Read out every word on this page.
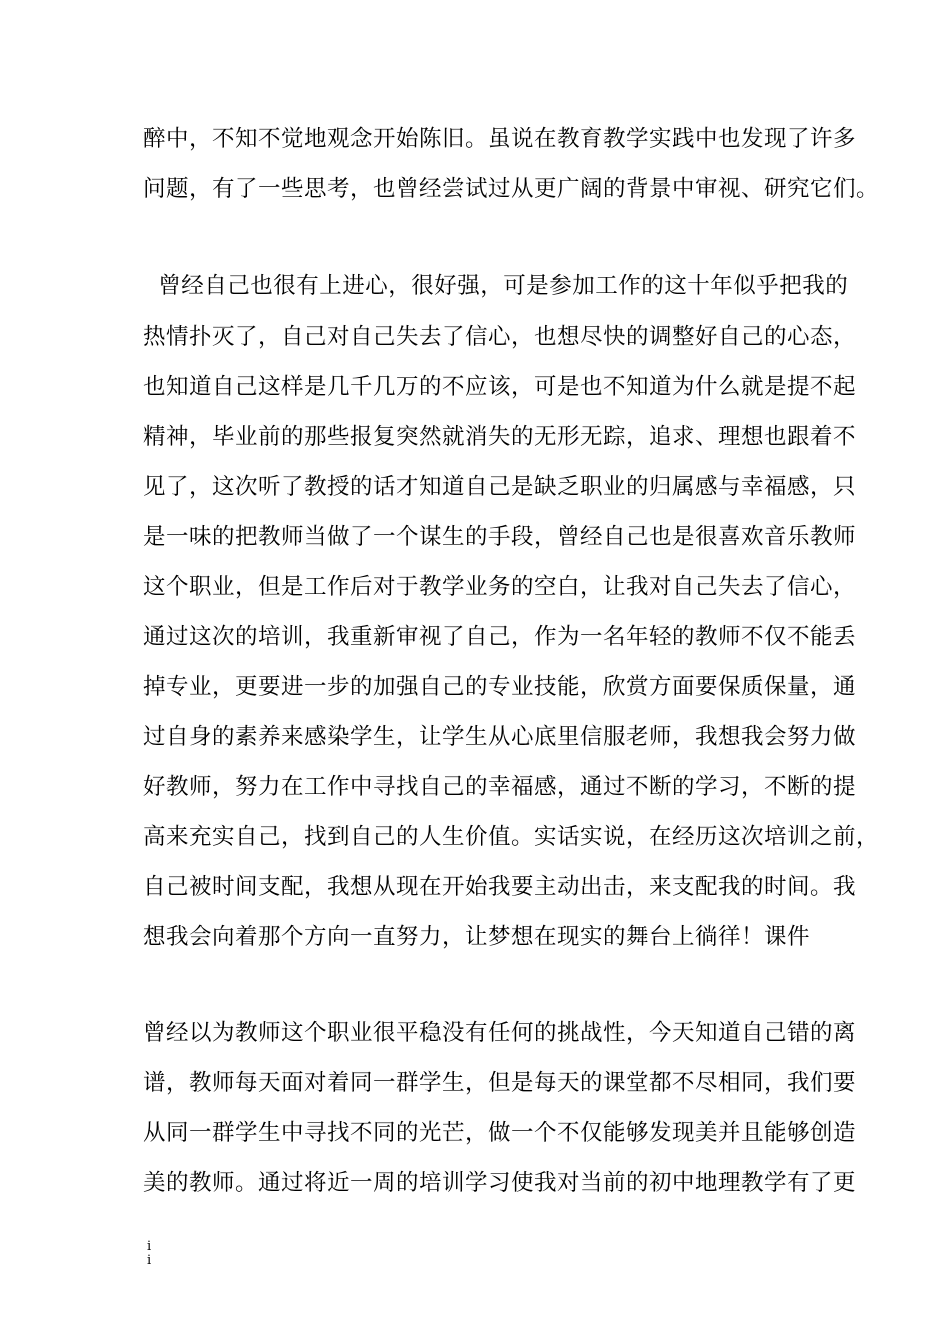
醉中，不知不觉地观念开始陈旧。虽说在教育教学实践中也发现了许多
问题，有了一些思考，也曾经尝试过从更广阔的背景中审视、研究它们。
曾经自己也很有上进心，很好强，可是参加工作的这十年似乎把我的
热情扑灭了，自己对自己失去了信心，也想尽快的调整好自己的心态，
也知道自己这样是几千几万的不应该，可是也不知道为什么就是提不起
精神，毕业前的那些报复突然就消失的无形无踪，追求、理想也跟着不
见了，这次听了教授的话才知道自己是缺乏职业的归属感与幸福感，只
是一味的把教师当做了一个谋生的手段，曾经自己也是很喜欢音乐教师
这个职业，但是工作后对于教学业务的空白，让我对自己失去了信心，
通过这次的培训，我重新审视了自己，作为一名年轻的教师不仅不能丢
掉专业，更要进一步的加强自己的专业技能，欣赏方面要保质保量，通
过自身的素养来感染学生，让学生从心底里信服老师，我想我会努力做
好教师，努力在工作中寻找自己的幸福感，通过不断的学习，不断的提
高来充实自己，找到自己的人生价值。实话实说，在经历这次培训之前，
自己被时间支配，我想从现在开始我要主动出击，来支配我的时间。我
想我会向着那个方向一直努力，让梦想在现实的舞台上徜徉！课件
曾经以为教师这个职业很平稳没有任何的挑战性，今天知道自己错的离
谱，教师每天面对着同一群学生，但是每天的课堂都不尽相同，我们要
从同一群学生中寻找不同的光芒，做一个不仅能够发现美并且能够创造
美的教师。通过将近一周的培训学习使我对当前的初中地理教学有了更
ii
